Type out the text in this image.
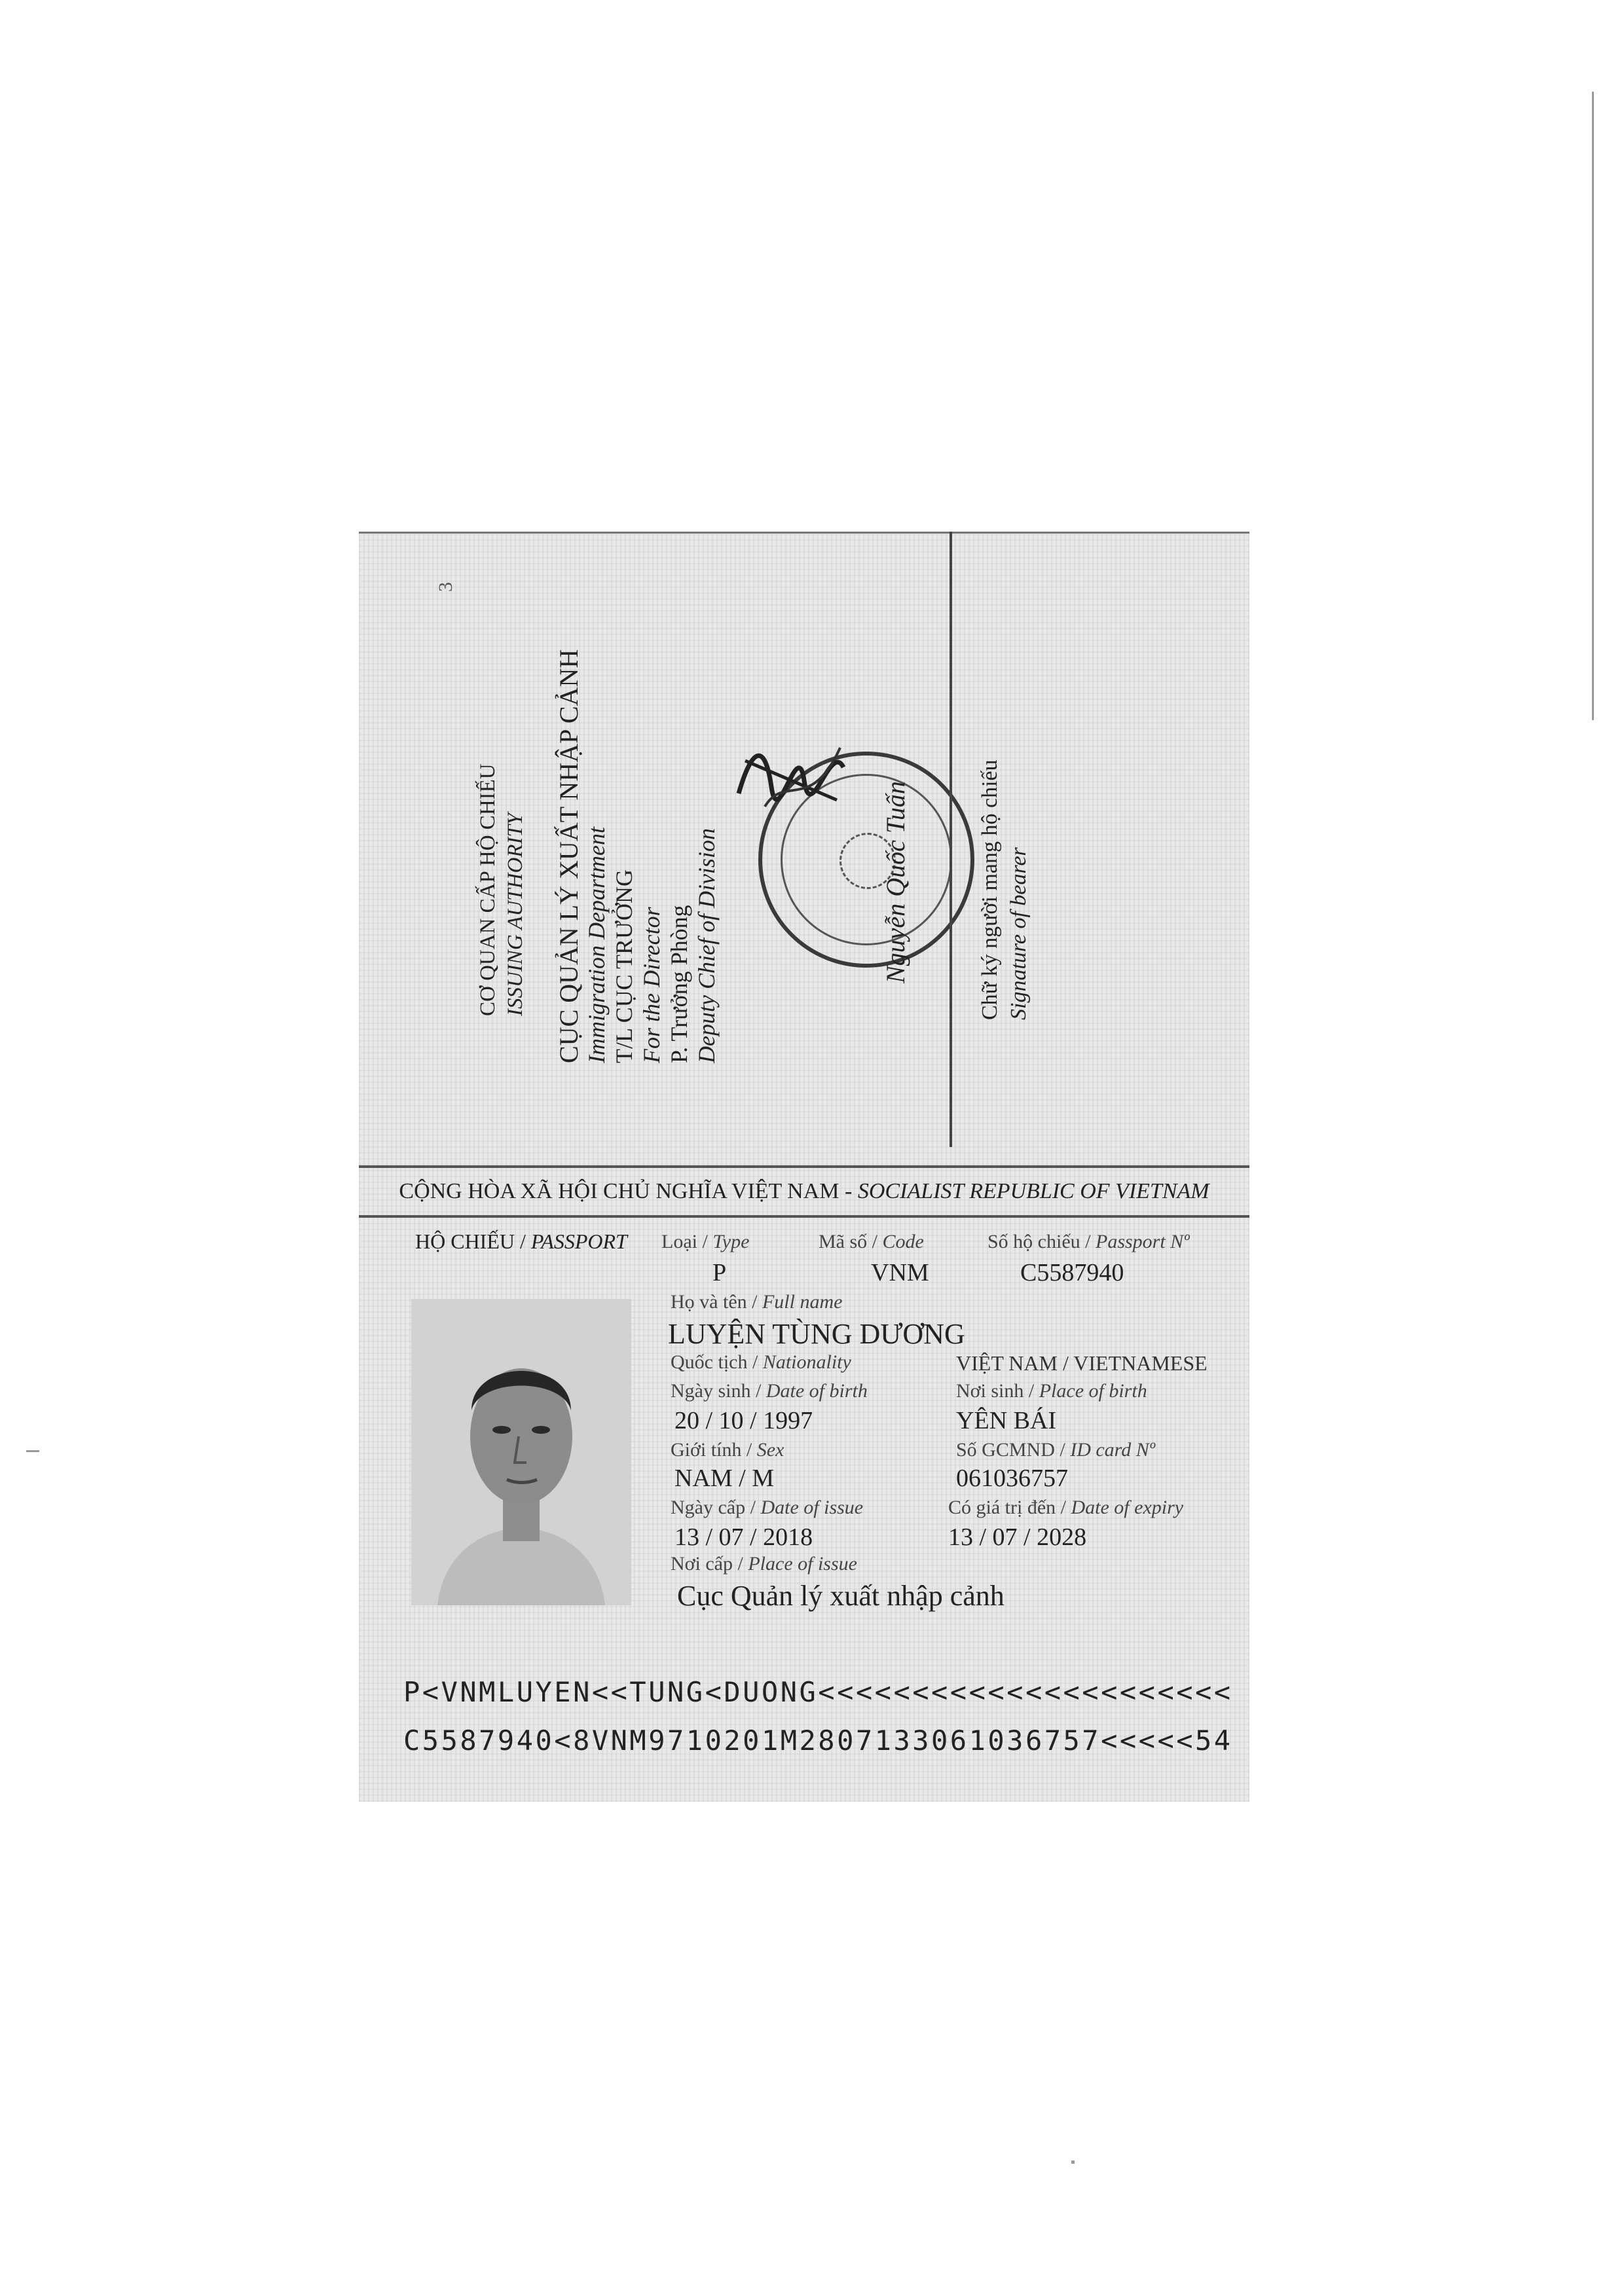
3
CƠ QUAN CẤP HỘ CHIẾU ISSUING AUTHORITY CỤC QUẢN LÝ XUẤT NHẬP CẢNH Immigration Department T/L CỤC TRƯỞNG For the Director P. Trưởng Phòng Deputy Chief of Division	Nguyễn Quốc Tuấn	Chữ ký người mang hộ chiếu Signature of bearer
CỘNG HÒA XÃ HỘI CHỦ NGHĨA VIỆT NAM - SOCIALIST REPUBLIC OF VIETNAM
HỘ CHIẾU / PASSPORT Loại / Type
P
Mã số / Code
VNM
Số hộ chiếu / Passport Nº
C5587940
Họ và tên / Full name
LUYỆN TÙNG DƯƠNG
Quốc tịch / Nationality	VIỆT NAM / VIETNAMESE
Ngày sinh / Date of birth
20 / 10 / 1997
Nơi sinh / Place of birth
YÊN BÁI
Giới tính / Sex
NAM / M
Số GCMND / ID card Nº
061036757
Ngày cấp / Date of issue
13 / 07 / 2018
Có giá trị đến / Date of expiry
13 / 07 / 2028
Nơi cấp / Place of issue
Cục Quản lý xuất nhập cảnh
P<VNMLUYEN<<TUNG<DUONG<<<<<<<<<<<<<<<<<<<<<<
C5587940<8VNM9710201M2807133061036757<<<<<54
